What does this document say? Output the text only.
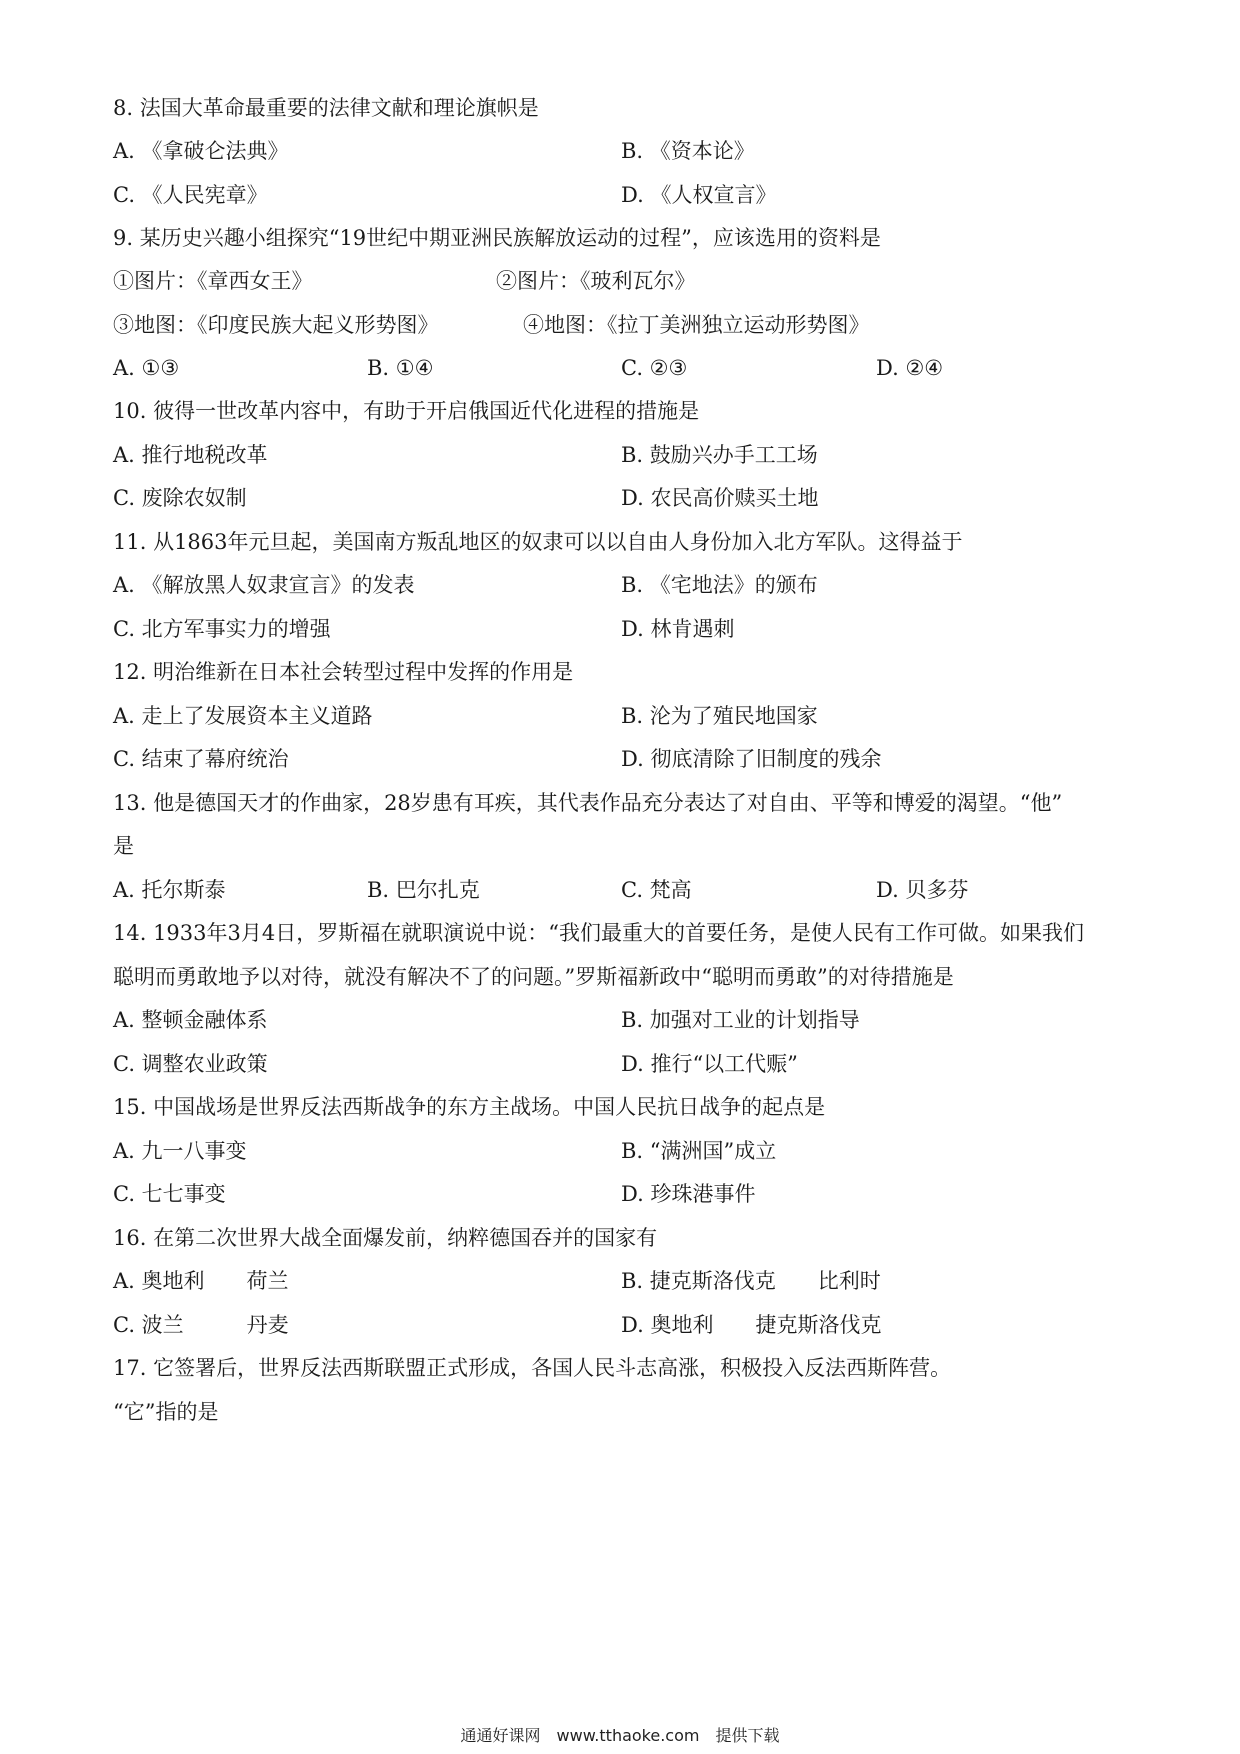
8. 法国大革命最重要的法律文献和理论旗帜是
A. 《拿破仑法典》	B. 《资本论》
C. 《人民宪章》	D. 《人权宣言》
9. 某历史兴趣小组探究“19世纪中期亚洲民族解放运动的过程”，应该选用的资料是
①图片：《章西女王》	②图片：《玻利瓦尔》
③地图：《印度民族大起义形势图》	④地图：《拉丁美洲独立运动形势图》
A. ①③	B. ①④	C. ②③	D. ②④
10. 彼得一世改革内容中，有助于开启俄国近代化进程的措施是
A. 推行地税改革	B. 鼓励兴办手工工场
C. 废除农奴制	D. 农民高价赎买土地
11. 从1863年元旦起，美国南方叛乱地区的奴隶可以以自由人身份加入北方军队。这得益于
A. 《解放黑人奴隶宣言》的发表	B. 《宅地法》的颁布
C. 北方军事实力的增强	D. 林肯遇刺
12. 明治维新在日本社会转型过程中发挥的作用是
A. 走上了发展资本主义道路	B. 沦为了殖民地国家
C. 结束了幕府统治	D. 彻底清除了旧制度的残余
13. 他是德国天才的作曲家，28岁患有耳疾，其代表作品充分表达了对自由、平等和博爱的渴望。“他”
是
A. 托尔斯泰	B. 巴尔扎克	C. 梵高	D. 贝多芬
14. 1933年3月4日，罗斯福在就职演说中说：“我们最重大的首要任务，是使人民有工作可做。如果我们
聪明而勇敢地予以对待，就没有解决不了的问题。”罗斯福新政中“聪明而勇敢”的对待措施是
A. 整顿金融体系	B. 加强对工业的计划指导
C. 调整农业政策	D. 推行“以工代赈”
15. 中国战场是世界反法西斯战争的东方主战场。中国人民抗日战争的起点是
A. 九一八事变	B. “满洲国”成立
C. 七七事变	D. 珍珠港事件
16. 在第二次世界大战全面爆发前，纳粹德国吞并的国家有
A. 奥地利　　荷兰	B. 捷克斯洛伐克　　比利时
C. 波兰　　　丹麦	D. 奥地利　　捷克斯洛伐克
17. 它签署后，世界反法西斯联盟正式形成，各国人民斗志高涨，积极投入反法西斯阵营。
“它”指的是
通通好课网　www.tthaoke.com　提供下载
